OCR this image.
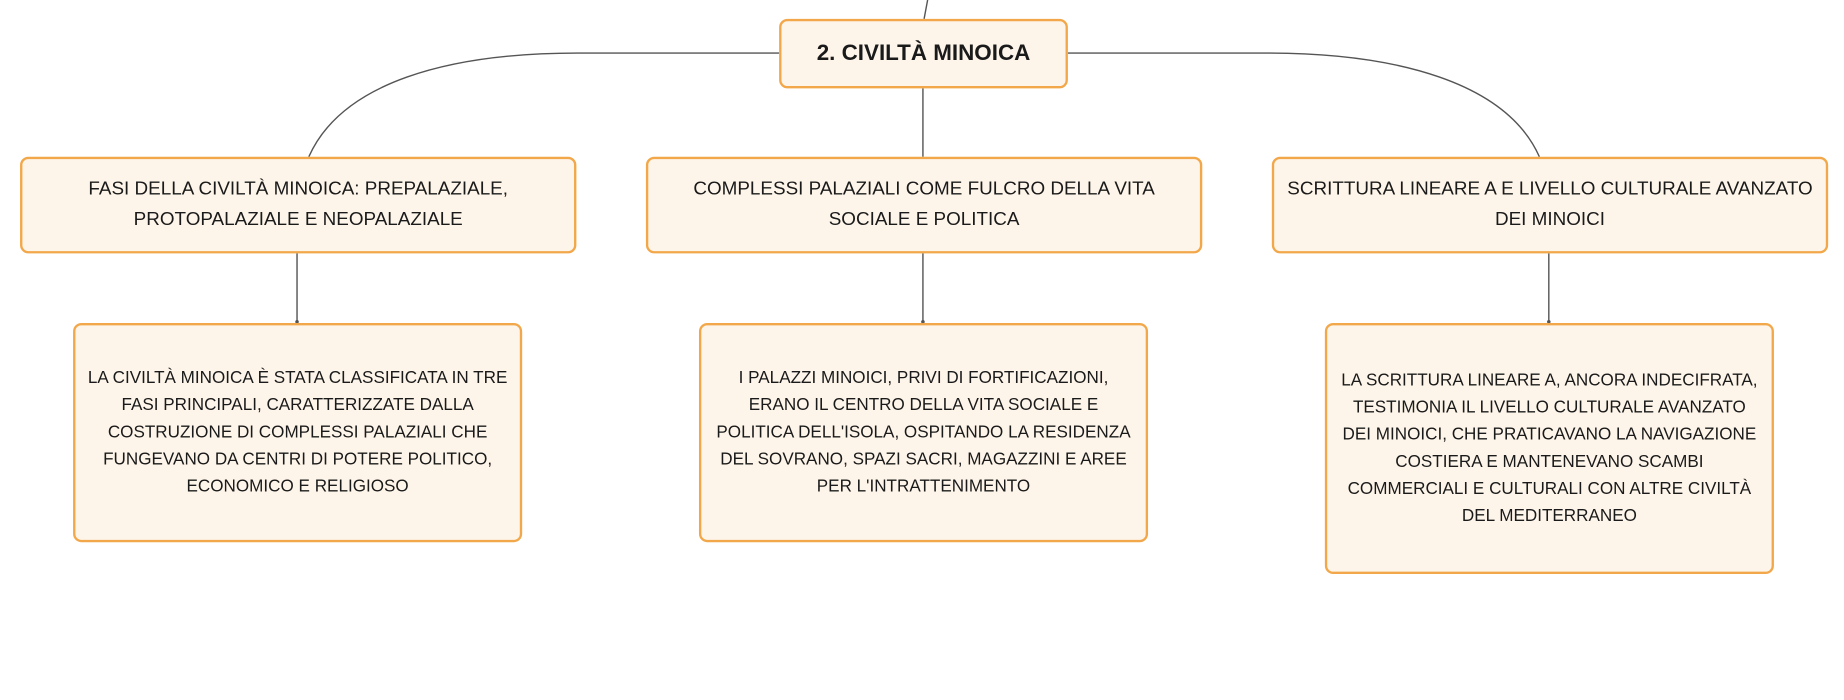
2. CIVILTÀ MINOICA
FASI DELLA CIVILTÀ MINOICA: PREPALAZIALE, PROTOPALAZIALE E NEOPALAZIALE
COMPLESSI PALAZIALI COME FULCRO DELLA VITA SOCIALE E POLITICA
SCRITTURA LINEARE A E LIVELLO CULTURALE AVANZATO DEI MINOICI
LA CIVILTÀ MINOICA È STATA CLASSIFICATA IN TRE FASI PRINCIPALI, CARATTERIZZATE DALLA COSTRUZIONE DI COMPLESSI PALAZIALI CHE FUNGEVANO DA CENTRI DI POTERE POLITICO, ECONOMICO E RELIGIOSO
I PALAZZI MINOICI, PRIVI DI FORTIFICAZIONI, ERANO IL CENTRO DELLA VITA SOCIALE E POLITICA DELL'ISOLA, OSPITANDO LA RESIDENZA DEL SOVRANO, SPAZI SACRI, MAGAZZINI E AREE PER L'INTRATTENIMENTO
LA SCRITTURA LINEARE A, ANCORA INDECIFRATA, TESTIMONIA IL LIVELLO CULTURALE AVANZATO DEI MINOICI, CHE PRATICAVANO LA NAVIGAZIONE COSTIERA E MANTENEVANO SCAMBI COMMERCIALI E CULTURALI CON ALTRE CIVILTÀ DEL MEDITERRANEO
